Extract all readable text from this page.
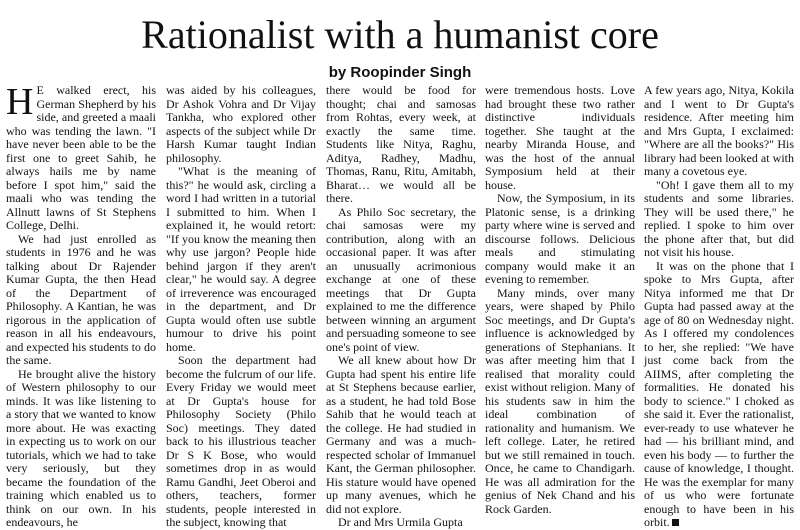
Rationalist with a humanist core
by Roopinder Singh

H E walked erect, his German Shepherd by his side, and greeted a maali who was tending the lawn. "I have never been able to be the first one to greet Sahib, he always hails me by name before I spot him," said the maali who was tending the Allnutt lawns of St Stephens College, Delhi.

We had just enrolled as students in 1976 and he was talking about Dr Rajender Kumar Gupta, the then Head of the Department of Philosophy. A Kantian, he was rigorous in the application of reason in all his endeavours, and expected his students to do the same.

He brought alive the history of Western philosophy to our minds. It was like listening to a story that we wanted to know more about. He was exacting in expecting us to work on our tutorials, which we had to take very seriously, but they became the foundation of the training which enabled us to think on our own. In his endeavours, he

was aided by his colleagues, Dr Ashok Vohra and Dr Vijay Tankha, who explored other aspects of the subject while Dr Harsh Kumar taught Indian philosophy.

"What is the meaning of this?" he would ask, circling a word I had written in a tutorial I submitted to him. When I explained it, he would retort: "If you know the meaning then why use jargon? People hide behind jargon if they aren't clear," he would say. A degree of irreverence was encouraged in the department, and Dr Gupta would often use subtle humour to drive his point home.

Soon the department had become the fulcrum of our life. Every Friday we would meet at Dr Gupta's house for Philosophy Society (Philo Soc) meetings. They dated back to his illustrious teacher Dr S K Bose, who would sometimes drop in as would Ramu Gandhi, Jeet Oberoi and others, teachers, former students, people interested in the subject, knowing that

there would be food for thought; chai and samosas from Rohtas, every week, at exactly the same time. Students like Nitya, Raghu, Aditya, Radhey, Madhu, Thomas, Ranu, Ritu, Amitabh, Bharat… we would all be there.

As Philo Soc secretary, the chai samosas were my contribution, along with an occasional paper. It was after an unusually acrimonious exchange at one of these meetings that Dr Gupta explained to me the difference between winning an argument and persuading someone to see one's point of view.

We all knew about how Dr Gupta had spent his entire life at St Stephens because earlier, as a student, he had told Bose Sahib that he would teach at the college. He had studied in Germany and was a much-respected scholar of Immanuel Kant, the German philosopher. His stature would have opened up many avenues, which he did not explore.

Dr and Mrs Urmila Gupta

were tremendous hosts. Love had brought these two rather distinctive individuals together. She taught at the nearby Miranda House, and was the host of the annual Symposium held at their house.

Now, the Symposium, in its Platonic sense, is a drinking party where wine is served and discourse follows. Delicious meals and stimulating company would make it an evening to remember.

Many minds, over many years, were shaped by Philo Soc meetings, and Dr Gupta's influence is acknowledged by generations of Stephanians. It was after meeting him that I realised that morality could exist without religion. Many of his students saw in him the ideal combination of rationality and humanism. We left college. Later, he retired but we still remained in touch. Once, he came to Chandigarh. He was all admiration for the genius of Nek Chand and his Rock Garden.

A few years ago, Nitya, Kokila and I went to Dr Gupta's residence. After meeting him and Mrs Gupta, I exclaimed: "Where are all the books?" His library had been looked at with many a covetous eye.

"Oh! I gave them all to my students and some libraries. They will be used there," he replied. I spoke to him over the phone after that, but did not visit his house.

It was on the phone that I spoke to Mrs Gupta, after Nitya informed me that Dr Gupta had passed away at the age of 80 on Wednesday night. As I offered my condolences to her, she replied: "We have just come back from the AIIMS, after completing the formalities. He donated his body to science." I choked as she said it. Ever the rationalist, ever-ready to use whatever he had — his brilliant mind, and even his body — to further the cause of knowledge, I thought. He was the exemplar for many of us who were fortunate enough to have been in his orbit.
